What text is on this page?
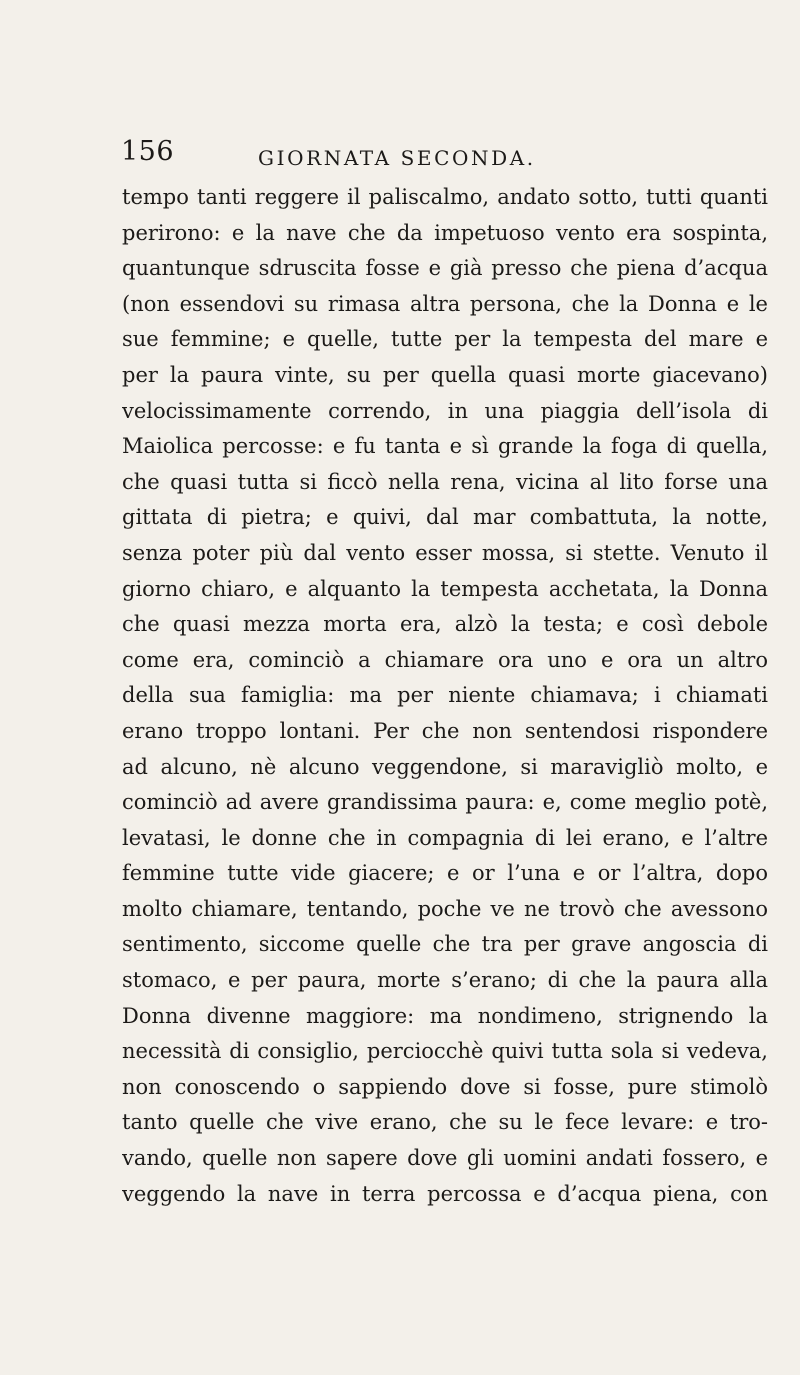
156	GIORNATA SECONDA.
tempo tanti reggere il paliscalmo, andato sotto, tutti quanti
perirono: e la nave che da impetuoso vento era sospinta,
quantunque sdruscita fosse e già presso che piena d’acqua
(non essendovi su rimasa altra persona, che la Donna e le
sue femmine; e quelle, tutte per la tempesta del mare e
per la paura vinte, su per quella quasi morte giacevano)
velocissimamente correndo, in una piaggia dell’isola di
Maiolica percosse: e fu tanta e sì grande la foga di quella,
che quasi tutta si ficcò nella rena, vicina al lito forse una
gittata di pietra; e quivi, dal mar combattuta, la notte,
senza poter più dal vento esser mossa, si stette. Venuto il
giorno chiaro, e alquanto la tempesta acchetata, la Donna
che quasi mezza morta era, alzò la testa; e così debole
come era, cominciò a chiamare ora uno e ora un altro
della sua famiglia: ma per niente chiamava; i chiamati
erano troppo lontani. Per che non sentendosi rispondere
ad alcuno, nè alcuno veggendone, si maravigliò molto, e
cominciò ad avere grandissima paura: e, come meglio potè,
levatasi, le donne che in compagnia di lei erano, e l’altre
femmine tutte vide giacere; e or l’una e or l’altra, dopo
molto chiamare, tentando, poche ve ne trovò che avessono
sentimento, siccome quelle che tra per grave angoscia di
stomaco, e per paura, morte s’erano; di che la paura alla
Donna divenne maggiore: ma nondimeno, strignendo la
necessità di consiglio, perciocchè quivi tutta sola si vedeva,
non conoscendo o sappiendo dove si fosse, pure stimolò
tanto quelle che vive erano, che su le fece levare: e tro-
vando, quelle non sapere dove gli uomini andati fossero, e
veggendo la nave in terra percossa e d’acqua piena, con
